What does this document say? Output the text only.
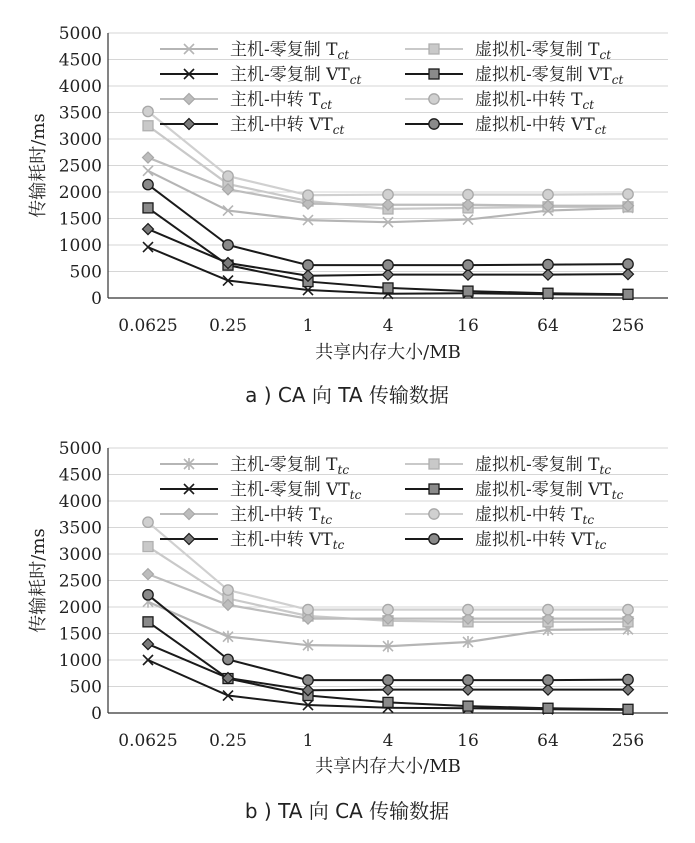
0
500
1000
1500
2000
2500
3000
3500
4000
4500
5000
0.0625 0.25	1	4	16	64	256
共享内存大小/MB
传输耗时/ms
主机-零复制 $T_{ct}$	虚拟机-零复制 $T_{ct}$
主机-零复制 $VT_{ct}$	虚拟机-零复制 $VT_{ct}$
主机-中转 $T_{ct}$	虚拟机-中转 $T_{ct}$
主机-中转 $VT_{ct}$	虚拟机-中转 $VT_{ct}$
a ) CA 向 TA 传输数据
0
500
1000
1500
2000
2500
3000
3500
4000
4500
5000
0.0625 0.25	1	4	16	64	256
共享内存大小/MB
传输耗时/ms
主机-零复制 $T_{tc}$	虚拟机-零复制 $T_{tc}$
主机-零复制 $VT_{tc}$	虚拟机-零复制 $VT_{tc}$
主机-中转 $T_{tc}$	虚拟机-中转 $T_{tc}$
主机-中转 $VT_{tc}$	虚拟机-中转 $VT_{tc}$
b ) TA 向 CA 传输数据
